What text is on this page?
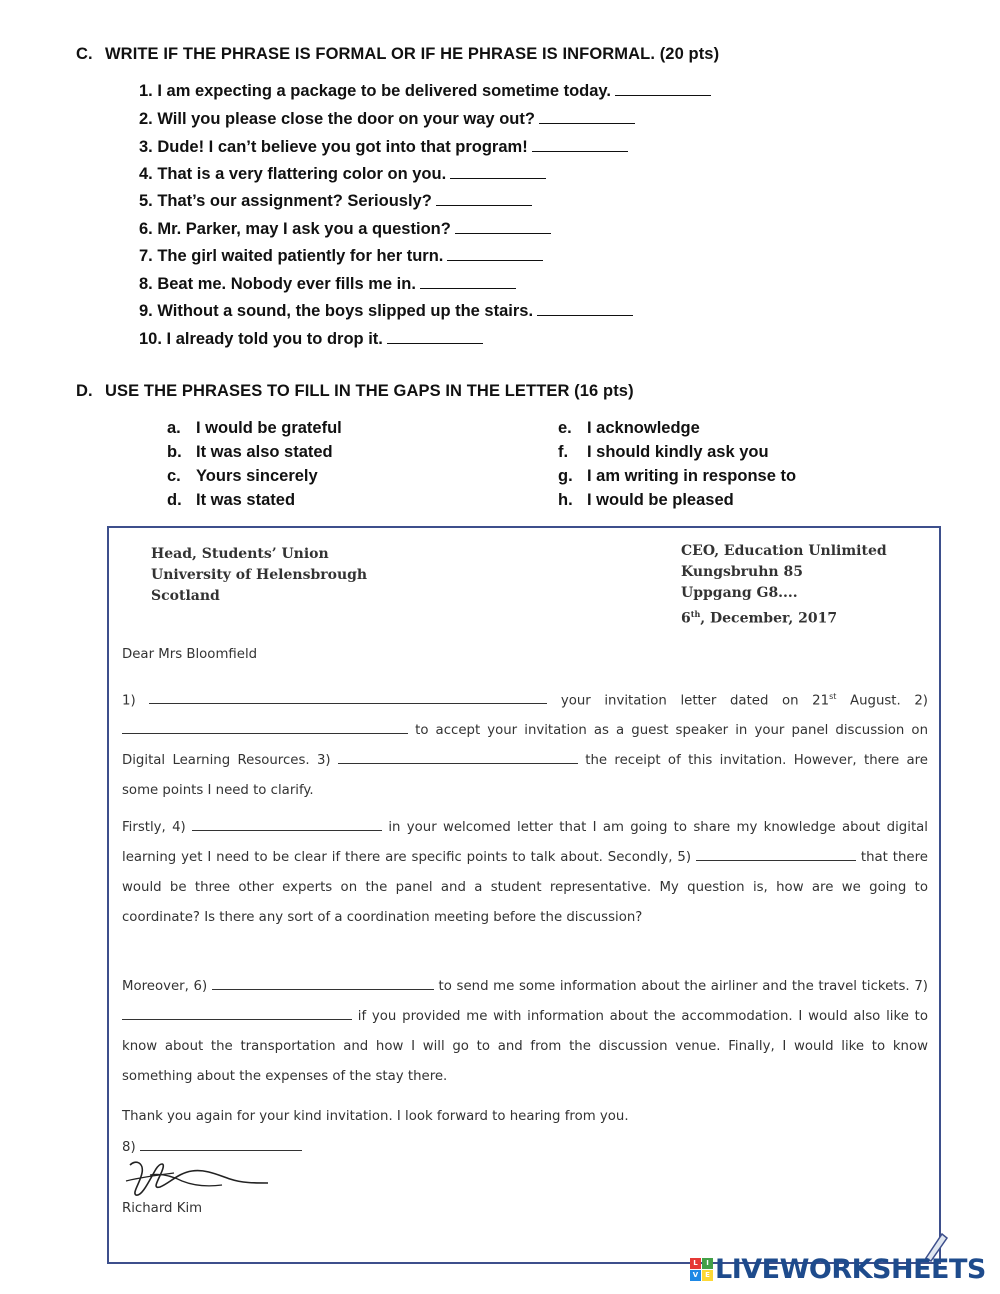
C. WRITE IF THE PHRASE IS FORMAL OR IF HE PHRASE IS INFORMAL. (20 pts)
1. I am expecting a package to be delivered sometime today.
2. Will you please close the door on your way out?
3. Dude! I can’t believe you got into that program!
4. That is a very flattering color on you.
5. That’s our assignment? Seriously?
6. Mr. Parker, may I ask you a question?
7. The girl waited patiently for her turn.
8. Beat me. Nobody ever fills me in.
9. Without a sound, the boys slipped up the stairs.
10. I already told you to drop it.
D. USE THE PHRASES TO FILL IN THE GAPS IN THE LETTER (16 pts)
a. I would be grateful
b. It was also stated
c. Yours sincerely
d. It was stated
e. I acknowledge
f. I should kindly ask you
g. I am writing in response to
h. I would be pleased
Head, Students’ Union
University of Helensbrough
Scotland
CEO, Education Unlimited
Kungsbruhn 85
Uppgang G8....
6th, December, 2017
Dear Mrs Bloomfield
1)	your invitation letter dated on 21st August. 2)  to accept your invitation as a guest speaker in your panel discussion on Digital Learning Resources. 3)	the receipt of this invitation. However, there are some points I need to clarify.
Firstly, 4)	in your welcomed letter that I am going to share my knowledge about digital learning yet I need to be clear if there are specific points to talk about. Secondly, 5)	that there would be three other experts on the panel and a student representative. My question is, how are we going to coordinate? Is there any sort of a coordination meeting before the discussion?
Moreover, 6)	to send me some information about the airliner and the travel tickets. 7)  if you provided me with information about the accommodation. I would also like to know about the transportation and how I will go to and from the discussion venue. Finally, I would like to know something about the expenses of the stay there.
Thank you again for your kind invitation. I look forward to hearing from you.
8)
Richard Kim
L	I
V E LIVEWORKSHEETS
